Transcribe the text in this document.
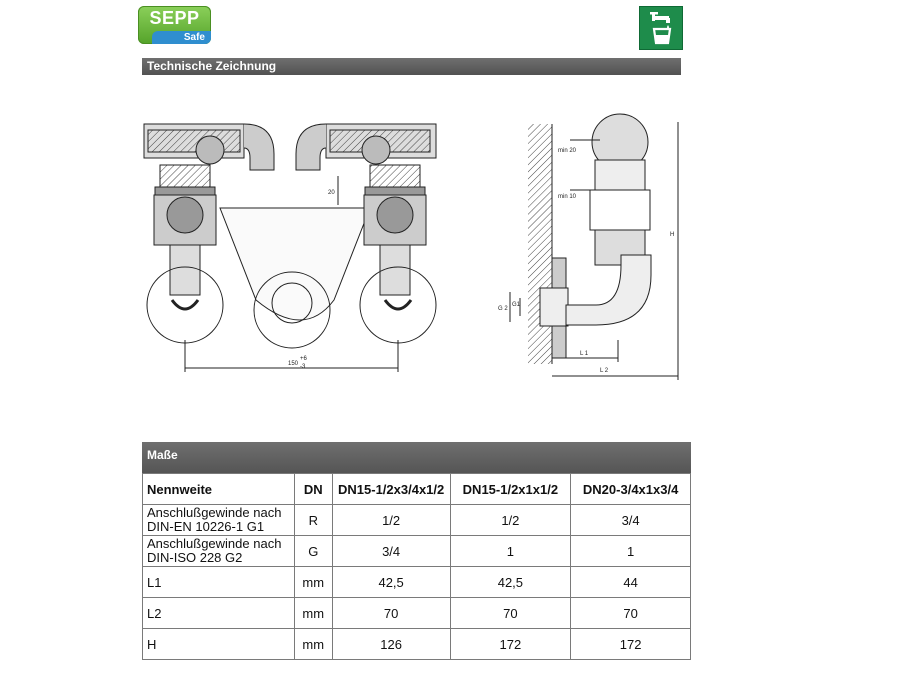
SEPP
Safe
Technische Zeichnung
150
+6
-3
20
min 20
min 10
H
G 2
G1
L 1
L 2
Maße
Nennweite	DN	DN15-1/2x3/4x1/2	DN15-1/2x1x1/2	DN20-3/4x1x3/4
Anschlußgewinde nach
DIN-EN 10226-1 G1	R	1/2	1/2	3/4
Anschlußgewinde nach
DIN-ISO 228 G2	G	3/4	1	1
L1	mm	42,5	42,5	44
L2	mm	70	70	70
H	mm	126	172	172
